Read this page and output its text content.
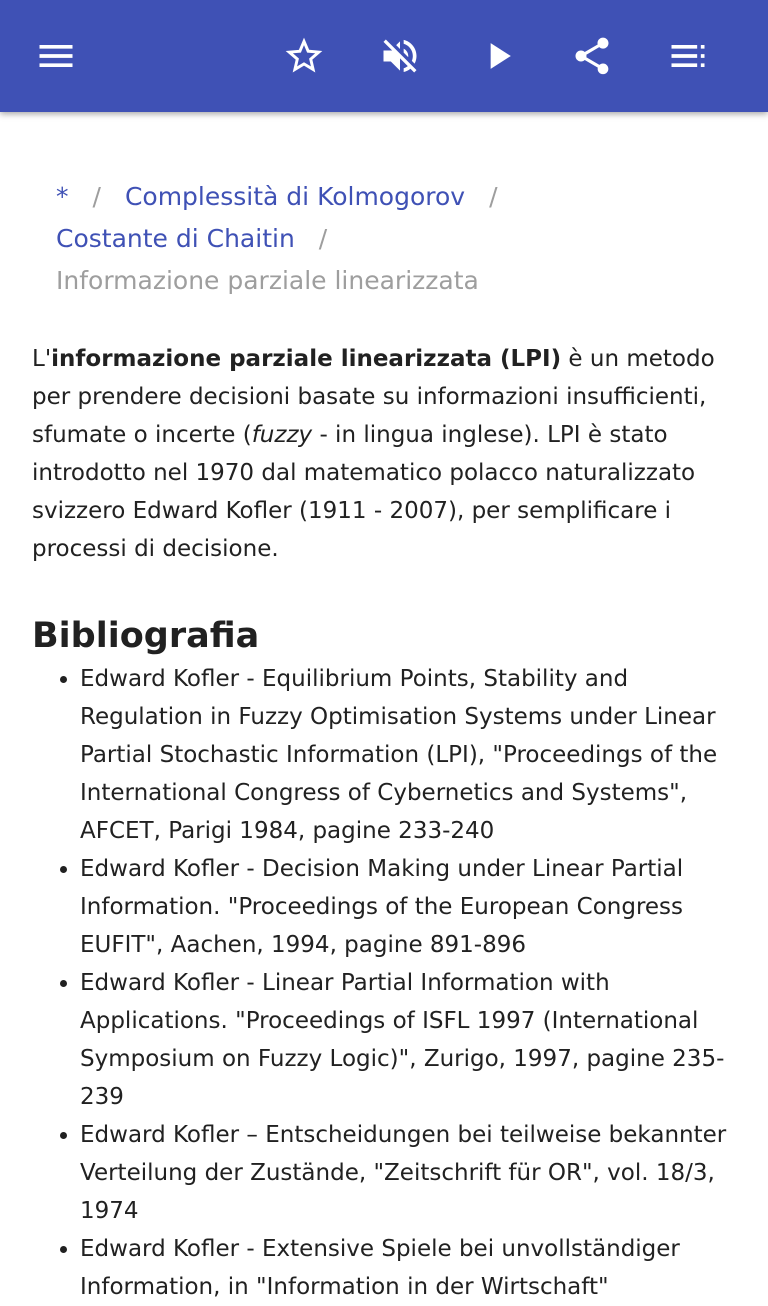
* / Complessità di Kolmogorov /
Costante di Chaitin /
Informazione parziale linearizzata

L'informazione parziale linearizzata (LPI) è un metodo per prendere decisioni basate su informazioni insufficienti, sfumate o incerte (fuzzy - in lingua inglese). LPI è stato introdotto nel 1970 dal matematico polacco naturalizzato svizzero Edward Kofler (1911 - 2007), per semplificare i processi di decisione.

Bibliografia
• Edward Kofler - Equilibrium Points, Stability and Regulation in Fuzzy Optimisation Systems under Linear Partial Stochastic Information (LPI), "Proceedings of the International Congress of Cybernetics and Systems", AFCET, Parigi 1984, pagine 233-240
• Edward Kofler - Decision Making under Linear Partial Information. "Proceedings of the European Congress EUFIT", Aachen, 1994, pagine 891-896
• Edward Kofler - Linear Partial Information with Applications. "Proceedings of ISFL 1997 (International Symposium on Fuzzy Logic)", Zurigo, 1997, pagine 235-239
• Edward Kofler – Entscheidungen bei teilweise bekannter Verteilung der Zustände, "Zeitschrift für OR", vol. 18/3, 1974
• Edward Kofler - Extensive Spiele bei unvollständiger Information, in "Information in der Wirtschaft"
